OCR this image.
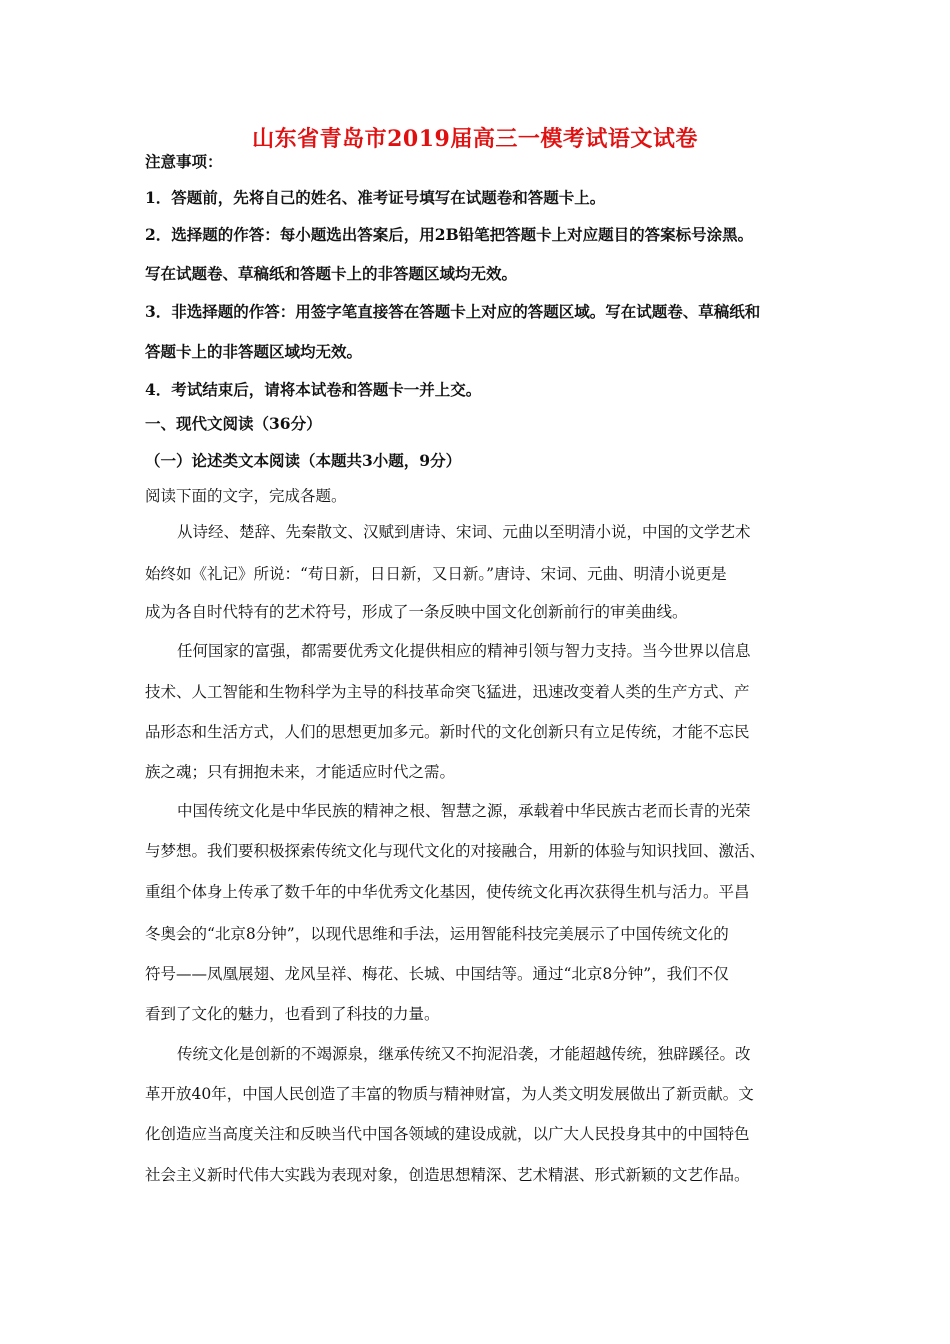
山东省青岛市2019届高三一模考试语文试卷
注意事项：
1．答题前，先将自己的姓名、准考证号填写在试题卷和答题卡上。
2．选择题的作答：每小题选出答案后，用2B铅笔把答题卡上对应题目的答案标号涂黑。
写在试题卷、草稿纸和答题卡上的非答题区域均无效。
3．非选择题的作答：用签字笔直接答在答题卡上对应的答题区域。写在试题卷、草稿纸和
答题卡上的非答题区域均无效。
4．考试结束后，请将本试卷和答题卡一并上交。
一、现代文阅读（36分）
（一）论述类文本阅读（本题共3小题，9分）
阅读下面的文字，完成各题。
从诗经、楚辞、先秦散文、汉赋到唐诗、宋词、元曲以至明清小说，中国的文学艺术
始终如《礼记》所说：“苟日新，日日新，又日新。”唐诗、宋词、元曲、明清小说更是
成为各自时代特有的艺术符号，形成了一条反映中国文化创新前行的审美曲线。
任何国家的富强，都需要优秀文化提供相应的精神引领与智力支持。当今世界以信息
技术、人工智能和生物科学为主导的科技革命突飞猛进，迅速改变着人类的生产方式、产
品形态和生活方式，人们的思想更加多元。新时代的文化创新只有立足传统，才能不忘民
族之魂；只有拥抱未来，才能适应时代之需。
中国传统文化是中华民族的精神之根、智慧之源，承载着中华民族古老而长青的光荣
与梦想。我们要积极探索传统文化与现代文化的对接融合，用新的体验与知识找回、激活、
重组个体身上传承了数千年的中华优秀文化基因，使传统文化再次获得生机与活力。平昌
冬奥会的“北京8分钟”，以现代思维和手法，运用智能科技完美展示了中国传统文化的
符号——凤凰展翅、龙风呈祥、梅花、长城、中国结等。通过“北京8分钟”，我们不仅
看到了文化的魅力，也看到了科技的力量。
传统文化是创新的不竭源泉，继承传统又不拘泥沿袭，才能超越传统，独辟蹊径。改
革开放40年，中国人民创造了丰富的物质与精神财富，为人类文明发展做出了新贡献。文
化创造应当高度关注和反映当代中国各领域的建设成就，以广大人民投身其中的中国特色
社会主义新时代伟大实践为表现对象，创造思想精深、艺术精湛、形式新颖的文艺作品。
